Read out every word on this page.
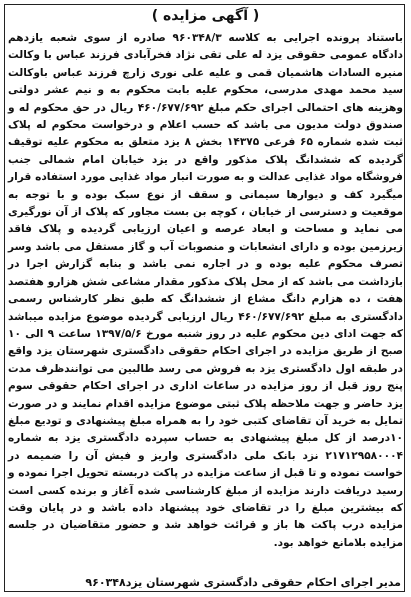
( آگهی مزایده )

باستناد پرونده اجرایی به کلاسه ۹۶۰۳۴۸/۳ صادره از سوی شعبه یازدهم دادگاه عمومی حقوقی یزد له علی تقی نژاد فخرآبادی فرزند عباس با وکالت منیره السادات هاشمیان قمی و علیه علی نوری زارچ فرزند عباس باوکالت سید محمد مهدی مدرسی، محکوم علیه بابت محکوم به و نیم عشر دولتی وهزینه های احتمالی اجرای حکم مبلغ ۴۶۰/۶۷۷/۶۹۲ ریال در حق محکوم له و صندوق دولت مدیون می باشد که حسب اعلام و درخواست محکوم له پلاک ثبت شده شماره ۶۵ فرعی ۱۴۳۷۵ بخش ۸ یزد متعلق به محکوم علیه توقیف گردیده که ششدانگ پلاک مذکور واقع در یزد خیابان امام شمالی جنب فروشگاه مواد غذایی عدالت و به صورت انبار مواد غذایی مورد استفاده قرار میگیرد کف و دیوارها سیمانی و سقف از نوع سبک بوده و با توجه به موقعیت و دسترسی از خیابان ، کوچه بن بست مجاور که پلاک از آن نورگیری می نماید و مساحت و ابعاد عرصه و اعیان ارزیابی گردیده و پلاک فاقد زیرزمین بوده و دارای انشعابات و منصوبات آب و گاز مستقل می باشد وسر تصرف محکوم علیه بوده و در اجاره نمی باشد و بنابه گزارش اجرا در بازداشت می باشد که از محل پلاک مذکور مقدار مشاعی شش هزارو هفتصد هفت ، ده هزارم دانگ مشاع از ششدانگ که طبق نظر کارشناس رسمی دادگستری به مبلغ ۴۶۰/۶۷۷/۶۹۲ ریال ارزیابی گردیده موضوع مزایده میباشد که جهت ادای دین محکوم علیه در روز شنبه مورخ ۱۳۹۷/۵/۶ ساعت ۹ الی ۱۰ صبح از طریق مزایده در اجرای احکام حقوقی دادگستری شهرستان یزد واقع در طبقه اول دادگستری یزد به فروش می رسد طالبین می توانندظرف مدت پنج روز قبل از روز مزایده در ساعات اداری در اجرای احکام حقوقی سوم یزد حاضر و جهت ملاحظه پلاک ثبتی موضوع مزایده اقدام نمایند و در صورت تمایل به خرید آن تقاضای کتبی خود را به همراه مبلغ پیشنهادی و تودیع مبلغ ۱۰درصد از کل مبلغ پیشنهادی به حساب سپرده دادگستری یزد به شماره ۲۱۷۱۲۹۵۸۰۰۰۴ نزد بانک ملی دادگستری واریز و فیش آن را ضمیمه در خواست نموده و تا قبل از ساعت مزایده در پاکت دربسته تحویل اجرا نموده و رسید دریافت دارند مزایده از مبلغ کارشناسی شده آغاز و برنده کسی است که بیشترین مبلغ را در تقاضای خود پیشنهاد داده باشد و در پایان وقت مزایده درب پاکت ها باز و قرائت خواهد شد و حضور متقاضیان در جلسه مزایده بلامانع خواهد بود.

مدیر اجرای احکام حقوقی دادگستری شهرستان یزد۹۶۰۳۴۸
